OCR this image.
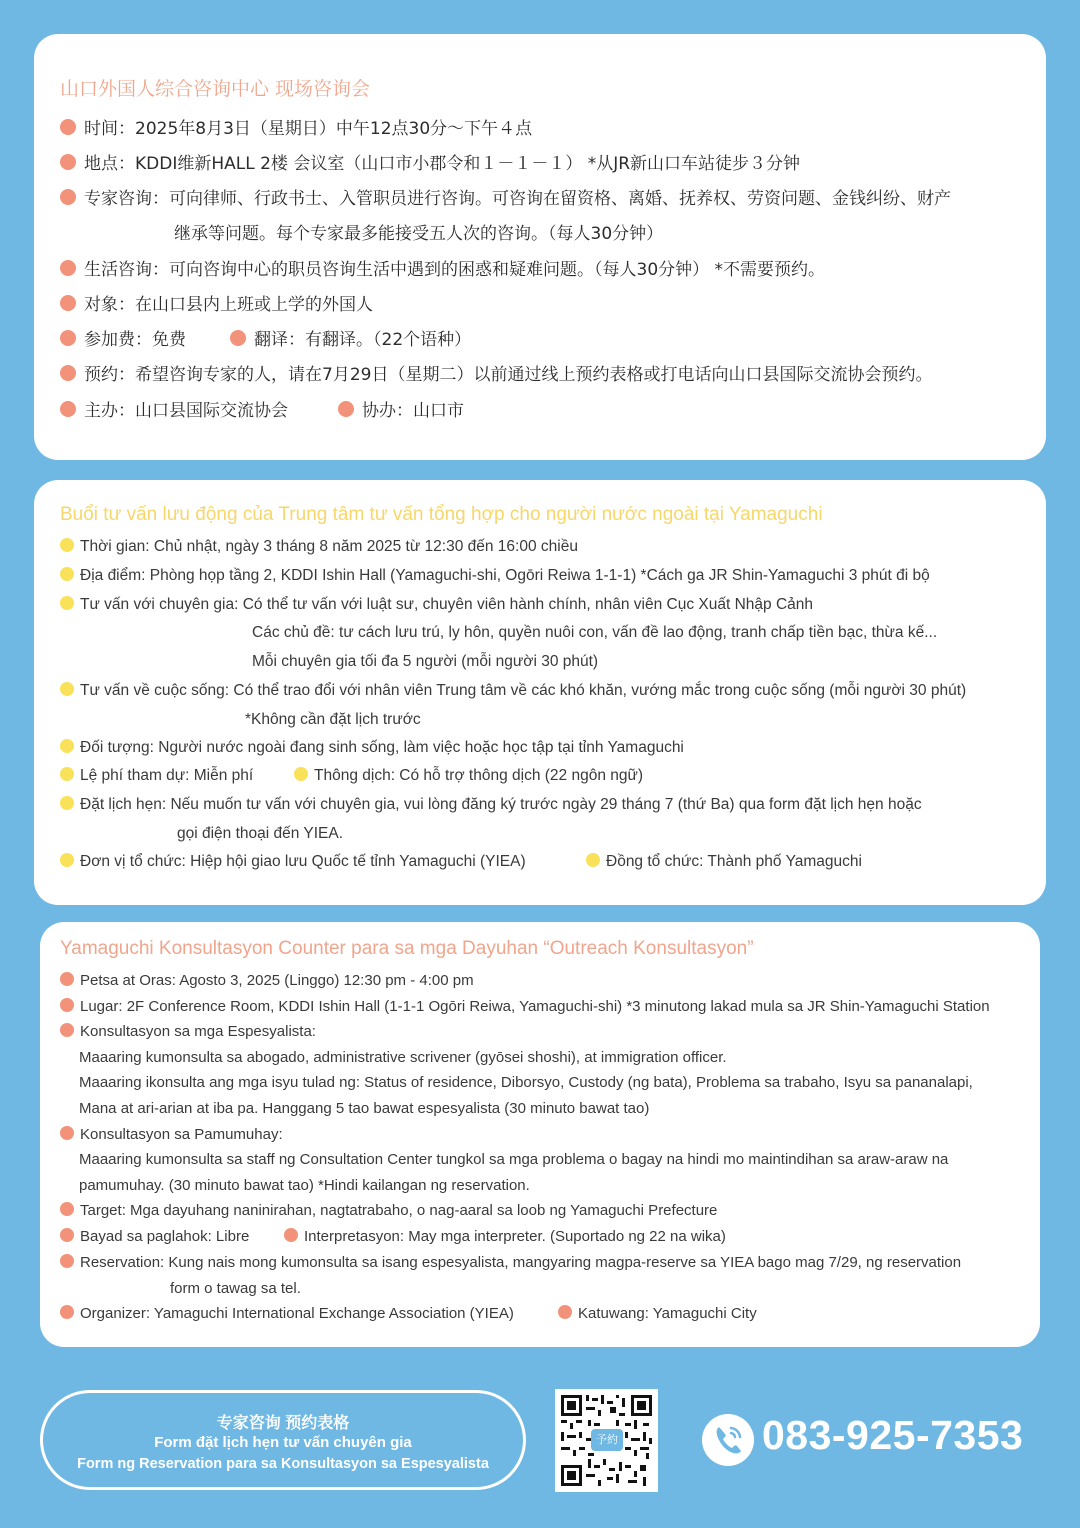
山口外国人综合咨询中心 现场咨询会
时间：2025年8月3日（星期日）中午12点30分〜下午４点
地点：KDDI维新HALL 2楼 会议室（山口市小郡令和１－１－１） *从JR新山口车站徒步３分钟
专家咨询：可向律师、行政书士、入管职员进行咨询。可咨询在留资格、离婚、抚养权、劳资问题、金钱纠纷、财产
继承等问题。每个专家最多能接受五人次的咨询。（每人30分钟）
生活咨询：可向咨询中心的职员咨询生活中遇到的困惑和疑难问题。（每人30分钟） *不需要预约。
对象：在山口县内上班或上学的外国人
参加费：免费	翻译：有翻译。（22个语种）
预约：希望咨询专家的人，请在7月29日（星期二）以前通过线上预约表格或打电话向山口县国际交流协会预约。
主办：山口县国际交流协会	协办：山口市
Buổi tư vấn lưu động của Trung tâm tư vấn tổng hợp cho người nước ngoài tại Yamaguchi
Thời gian: Chủ nhật, ngày 3 tháng 8 năm 2025 từ 12:30 đến 16:00 chiều
Địa điểm: Phòng họp tầng 2, KDDI Ishin Hall (Yamaguchi-shi, Ogōri Reiwa 1-1-1) *Cách ga JR Shin-Yamaguchi 3 phút đi bộ
Tư vấn với chuyên gia: Có thể tư vấn với luật sư, chuyên viên hành chính, nhân viên Cục Xuất Nhập Cảnh
Các chủ đề: tư cách lưu trú, ly hôn, quyền nuôi con, vấn đề lao động, tranh chấp tiền bạc, thừa kế...
Mỗi chuyên gia tối đa 5 người (mỗi người 30 phút)
Tư vấn về cuộc sống: Có thể trao đổi với nhân viên Trung tâm về các khó khăn, vướng mắc trong cuộc sống (mỗi người 30 phút)
*Không cần đặt lịch trước
Đối tượng: Người nước ngoài đang sinh sống, làm việc hoặc học tập tại tỉnh Yamaguchi
Lệ phí tham dự: Miễn phí	Thông dịch: Có hỗ trợ thông dịch (22 ngôn ngữ)
Đặt lịch hẹn: Nếu muốn tư vấn với chuyên gia, vui lòng đăng ký trước ngày 29 tháng 7 (thứ Ba) qua form đặt lịch hẹn hoặc
gọi điện thoại đến YIEA.
Đơn vị tổ chức: Hiệp hội giao lưu Quốc tế tỉnh Yamaguchi (YIEA)	Đồng tổ chức: Thành phố Yamaguchi
Yamaguchi Konsultasyon Counter para sa mga Dayuhan “Outreach Konsultasyon”
Petsa at Oras: Agosto 3, 2025 (Linggo) 12:30 pm - 4:00 pm
Lugar: 2F Conference Room, KDDI Ishin Hall (1-1-1 Ogōri Reiwa, Yamaguchi-shi) *3 minutong lakad mula sa JR Shin-Yamaguchi Station
Konsultasyon sa mga Espesyalista:
Maaaring kumonsulta sa abogado, administrative scrivener (gyōsei shoshi), at immigration officer.
Maaaring ikonsulta ang mga isyu tulad ng: Status of residence, Diborsyo, Custody (ng bata), Problema sa trabaho, Isyu sa pananalapi,
Mana at ari-arian at iba pa. Hanggang 5 tao bawat espesyalista (30 minuto bawat tao)
Konsultasyon sa Pamumuhay:
Maaaring kumonsulta sa staff ng Consultation Center tungkol sa mga problema o bagay na hindi mo maintindihan sa araw-araw na
pamumuhay. (30 minuto bawat tao) *Hindi kailangan ng reservation.
Target: Mga dayuhang naninirahan, nagtatrabaho, o nag-aaral sa loob ng Yamaguchi Prefecture
Bayad sa paglahok: Libre	Interpretasyon: May mga interpreter. (Suportado ng 22 na wika)
Reservation: Kung nais mong kumonsulta sa isang espesyalista, mangyaring magpa-reserve sa YIEA bago mag 7/29, ng reservation
form o tawag sa tel.
Organizer: Yamaguchi International Exchange Association (YIEA)	Katuwang: Yamaguchi City
专家咨询 预约表格
Form đặt lịch hẹn tư vấn chuyên gia
Form ng Reservation para sa Konsultasyon sa Espesyalista
予約	083-925-7353
